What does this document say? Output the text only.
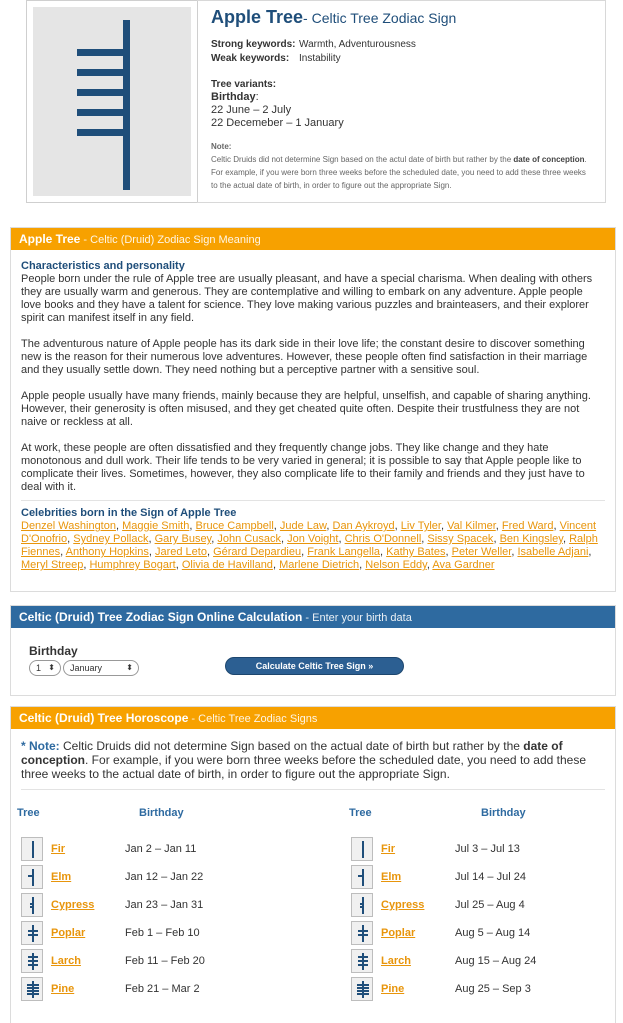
Apple Tree- Celtic Tree Zodiac Sign
Strong keywords: Warmth, Adventurousness
Weak keywords: Instability
Tree variants:
Birthday:
22 June – 2 July
22 Decemeber – 1 January
Note:
Celtic Druids did not determine Sign based on the actul date of birth but rather by the date of conception. For example, if you were born three weeks before the scheduled date, you need to add these three weeks to the actual date of birth, in order to figure out the appropriate Sign.
Apple Tree - Celtic (Druid) Zodiac Sign Meaning
Characteristics and personality
People born under the rule of Apple tree are usually pleasant, and have a special charisma. When dealing with others they are usually warm and generous. They are contemplative and willing to embark on any adventure. Apple people love books and they have a talent for science. They love making various puzzles and brainteasers, and their explorer spirit can manifest itself in any field.
The adventurous nature of Apple people has its dark side in their love life; the constant desire to discover something new is the reason for their numerous love adventures. However, these people often find satisfaction in their marriage and they usually settle down. They need nothing but a perceptive partner with a sensitive soul.
Apple people usually have many friends, mainly because they are helpful, unselfish, and capable of sharing anything. However, their generosity is often misused, and they get cheated quite often. Despite their trustfulness they are not naive or reckless at all.
At work, these people are often dissatisfied and they frequently change jobs. They like change and they hate monotonous and dull work. Their life tends to be very varied in general; it is possible to say that Apple people like to complicate their lives. Sometimes, however, they also complicate life to their family and friends and they just have to deal with it.
Celebrities born in the Sign of Apple Tree
Denzel Washington, Maggie Smith, Bruce Campbell, Jude Law, Dan Aykroyd, Liv Tyler, Val Kilmer, Fred Ward, Vincent D'Onofrio, Sydney Pollack, Gary Busey, John Cusack, Jon Voight, Chris O'Donnell, Sissy Spacek, Ben Kingsley, Ralph Fiennes, Anthony Hopkins, Jared Leto, Gérard Depardieu, Frank Langella, Kathy Bates, Peter Weller, Isabelle Adjani, Meryl Streep, Humphrey Bogart, Olivia de Havilland, Marlene Dietrich, Nelson Eddy, Ava Gardner
Celtic (Druid) Tree Zodiac Sign Online Calculation - Enter your birth data
Birthday
1 ⬍	January	⬍	Calculate Celtic Tree Sign »
Celtic (Druid) Tree Horoscope - Celtic Tree Zodiac Signs
* Note: Celtic Druids did not determine Sign based on the actual date of birth but rather by the date of conception. For example, if you were born three weeks before the scheduled date, you need to add these three weeks to the actual date of birth, in order to figure out the appropriate Sign.
Tree	Birthday	Tree	Birthday
Fir	Jan 2 – Jan 11
Elm	Jan 12 – Jan 22
Cypress	Jan 23 – Jan 31
Poplar	Feb 1 – Feb 10
Larch	Feb 11 – Feb 20
Pine	Feb 21 – Mar 2
Fir	Jul 3 – Jul 13
Elm	Jul 14 – Jul 24
Cypress	Jul 25 – Aug 4
Poplar	Aug 5 – Aug 14
Larch	Aug 15 – Aug 24
Pine	Aug 25 – Sep 3
